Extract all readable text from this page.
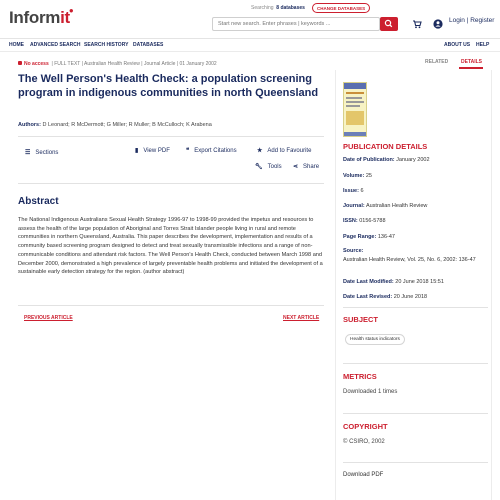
Informit●	Searching 8 databases	CHANGE DATABASES
Start new search. Enter phrases | keywords ...
Login | Register
HOME ADVANCED SEARCH SEARCH HISTORY DATABASES	ABOUT US HELP
No access | FULL TEXT | Australian Health Review | Journal Article | 01 January 2002
The Well Person's Health Check: a population screening program in indigenous communities in north Queensland
Authors: D Leonard; R McDermott; G Miller; R Muller; B McCulloch; K Arabena
☰ Sections	▮ View PDF	❝ Export Citations	★ Add to Favourite
🔧︎ Tools ⋖ Share
Abstract
The National Indigenous Australians Sexual Health Strategy 1996-97 to 1998-99 provided the impetus and resources to assess the health of the large population of Aboriginal and Torres Strait Islander people living in rural and remote communities in northern Queensland, Australia. This paper describes the development, implementation and results of a community based screening program designed to detect and treat sexually transmissible infections and a range of non-communicable conditions and attendant risk factors. The Well Person's Health Check, conducted between March 1998 and December 2000, demonstrated a high prevalence of largely preventable health problems and initiated the development of a sustainable early detection strategy for the region. (author abstract)
PREVIOUS ARTICLE	NEXT ARTICLE
RELATED	DETAILS
PUBLICATION DETAILS
Date of Publication: January 2002
Volume: 25
Issue: 6
Journal: Australian Health Review
ISSN: 0156-5788
Page Range: 136-47
Source:
Australian Health Review, Vol. 25, No. 6, 2002: 136-47
Date Last Modified: 20 June 2018 15:51
Date Last Revised: 20 June 2018
SUBJECT
Health status indicators
METRICS
Downloaded 1 times
COPYRIGHT
© CSIRO, 2002
Download PDF
